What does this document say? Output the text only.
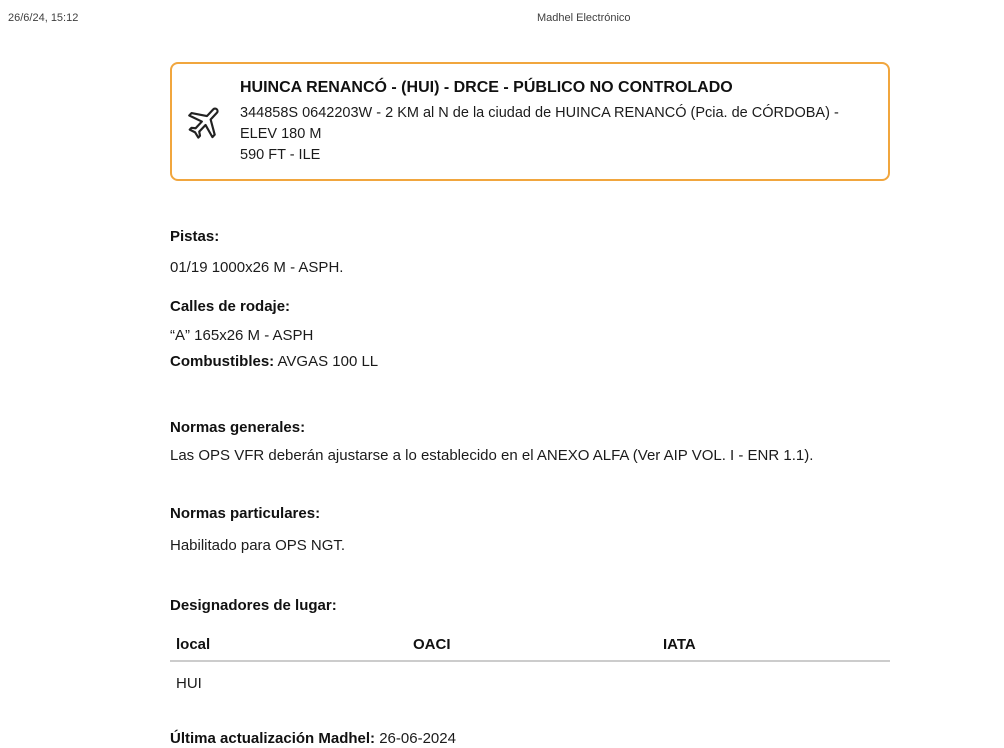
26/6/24, 15:12	Madhel Electrónico
HUINCA RENANCÓ - (HUI) - DRCE - PÚBLICO NO CONTROLADO
344858S 0642203W - 2 KM al N de la ciudad de HUINCA RENANCÓ (Pcia. de CÓRDOBA) - ELEV 180 M
590 FT - ILE
Pistas:
01/19 1000x26 M - ASPH.
Calles de rodaje:
“A” 165x26 M - ASPH
Combustibles: AVGAS 100 LL
Normas generales:
Las OPS VFR deberán ajustarse a lo establecido en el ANEXO ALFA (Ver AIP VOL. I - ENR 1.1).
Normas particulares:
Habilitado para OPS NGT.
Designadores de lugar:
local	OACI	IATA
HUI
Última actualización Madhel: 26-06-2024
